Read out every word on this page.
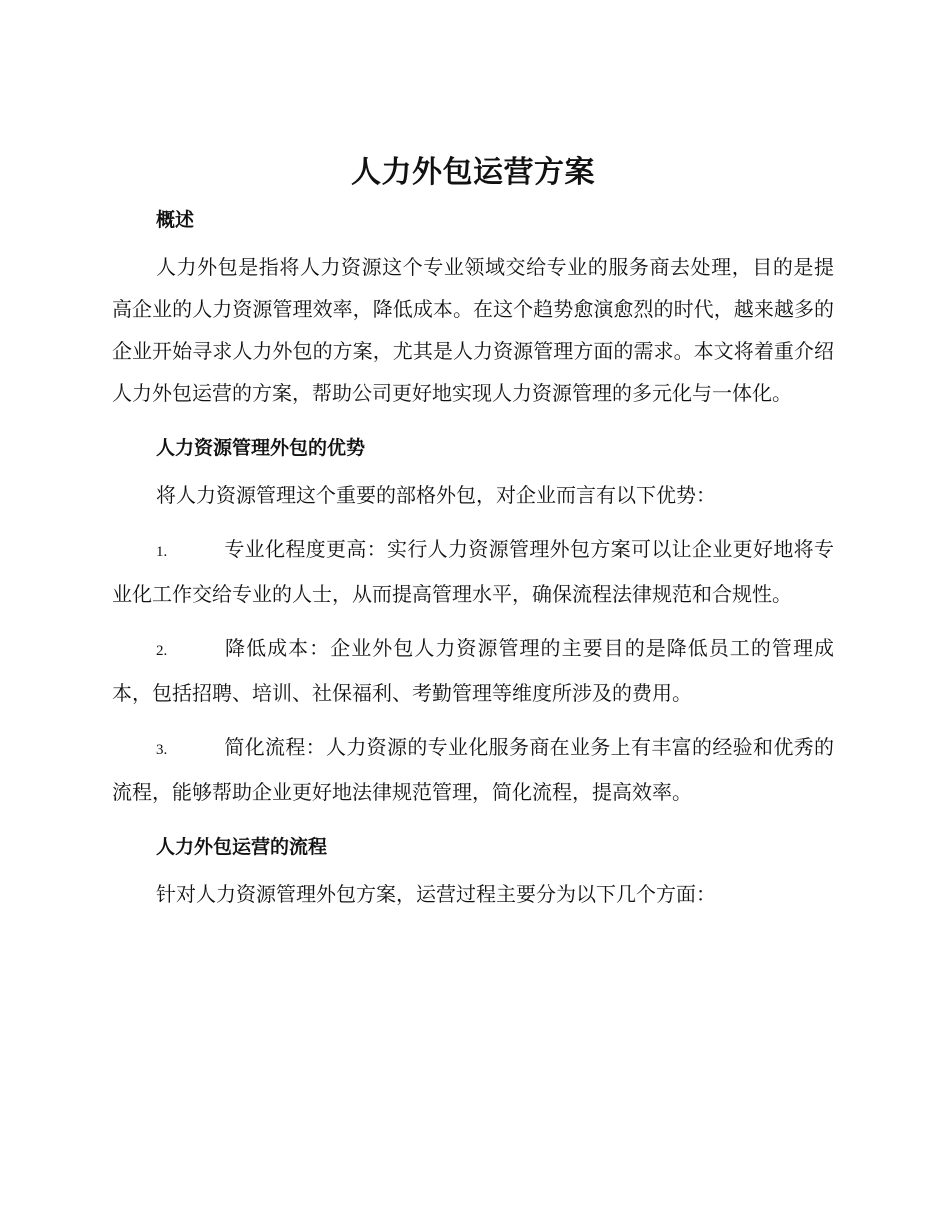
人力外包运营方案
概述

人力外包是指将人力资源这个专业领域交给专业的服务商去处理，目的是提高企业的人力资源管理效率，降低成本。在这个趋势愈演愈烈的时代，越来越多的企业开始寻求人力外包的方案，尤其是人力资源管理方面的需求。本文将着重介绍人力外包运营的方案，帮助公司更好地实现人力资源管理的多元化与一体化。

人力资源管理外包的优势

将人力资源管理这个重要的部格外包，对企业而言有以下优势：

1.	专业化程度更高：实行人力资源管理外包方案可以让企业更好地将专业化工作交给专业的人士，从而提高管理水平，确保流程法律规范和合规性。

2.	降低成本：企业外包人力资源管理的主要目的是降低员工的管理成本，包括招聘、培训、社保福利、考勤管理等维度所涉及的费用。

3.	简化流程：人力资源的专业化服务商在业务上有丰富的经验和优秀的流程，能够帮助企业更好地法律规范管理，简化流程，提高效率。

人力外包运营的流程

针对人力资源管理外包方案，运营过程主要分为以下几个方面：
